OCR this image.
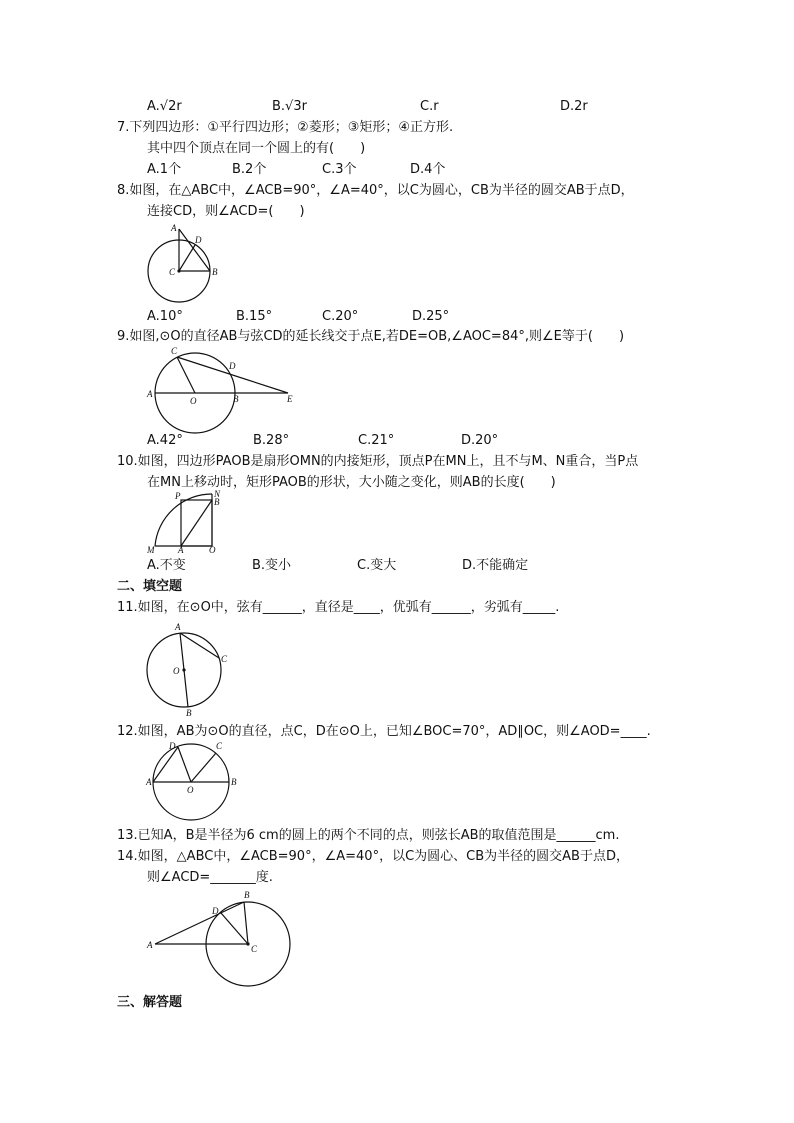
A.√2r	B.√3r	C.r	D.2r
7.下列四边形：①平行四边形；②菱形；③矩形；④正方形.
其中四个顶点在同一个圆上的有(　　)
A.1个	B.2个	C.3个	D.4个
8.如图，在△ABC中，∠ACB=90°，∠A=40°，以C为圆心，CB为半径的圆交AB于点D，
连接CD，则∠ACD=(　　)
A
D
C	B
A.10°	B.15°	C.20°	D.25°
9.如图,⊙O的直径AB与弦CD的延长线交于点E,若DE=OB,∠AOC=84°,则∠E等于(　　)
C
D
A
O	B	E
A.42°	B.28°	C.21°	D.20°
10.如图，四边形PAOB是扇形OMN的内接矩形，顶点P在MN上，且不与M、N重合，当P点
在MN上移动时，矩形PAOB的形状，大小随之变化，则AB的长度(　　)
P	N
B
M	A	O
A.不变	B.变小	C.变大	D.不能确定
二、填空题
11.如图，在⊙O中，弦有______，直径是____，优弧有______，劣弧有_____.
A
O
C
B
12.如图，AB为⊙O的直径，点C，D在⊙O上，已知∠BOC=70°，AD∥OC，则∠AOD=____.
D	C
A
O
B
13.已知A，B是半径为6 cm的圆上的两个不同的点，则弦长AB的取值范围是______cm.
14.如图，△ABC中，∠ACB=90°，∠A=40°，以C为圆心、CB为半径的圆交AB于点D，
则∠ACD=_______度.
B
D
A	C
三、解答题
